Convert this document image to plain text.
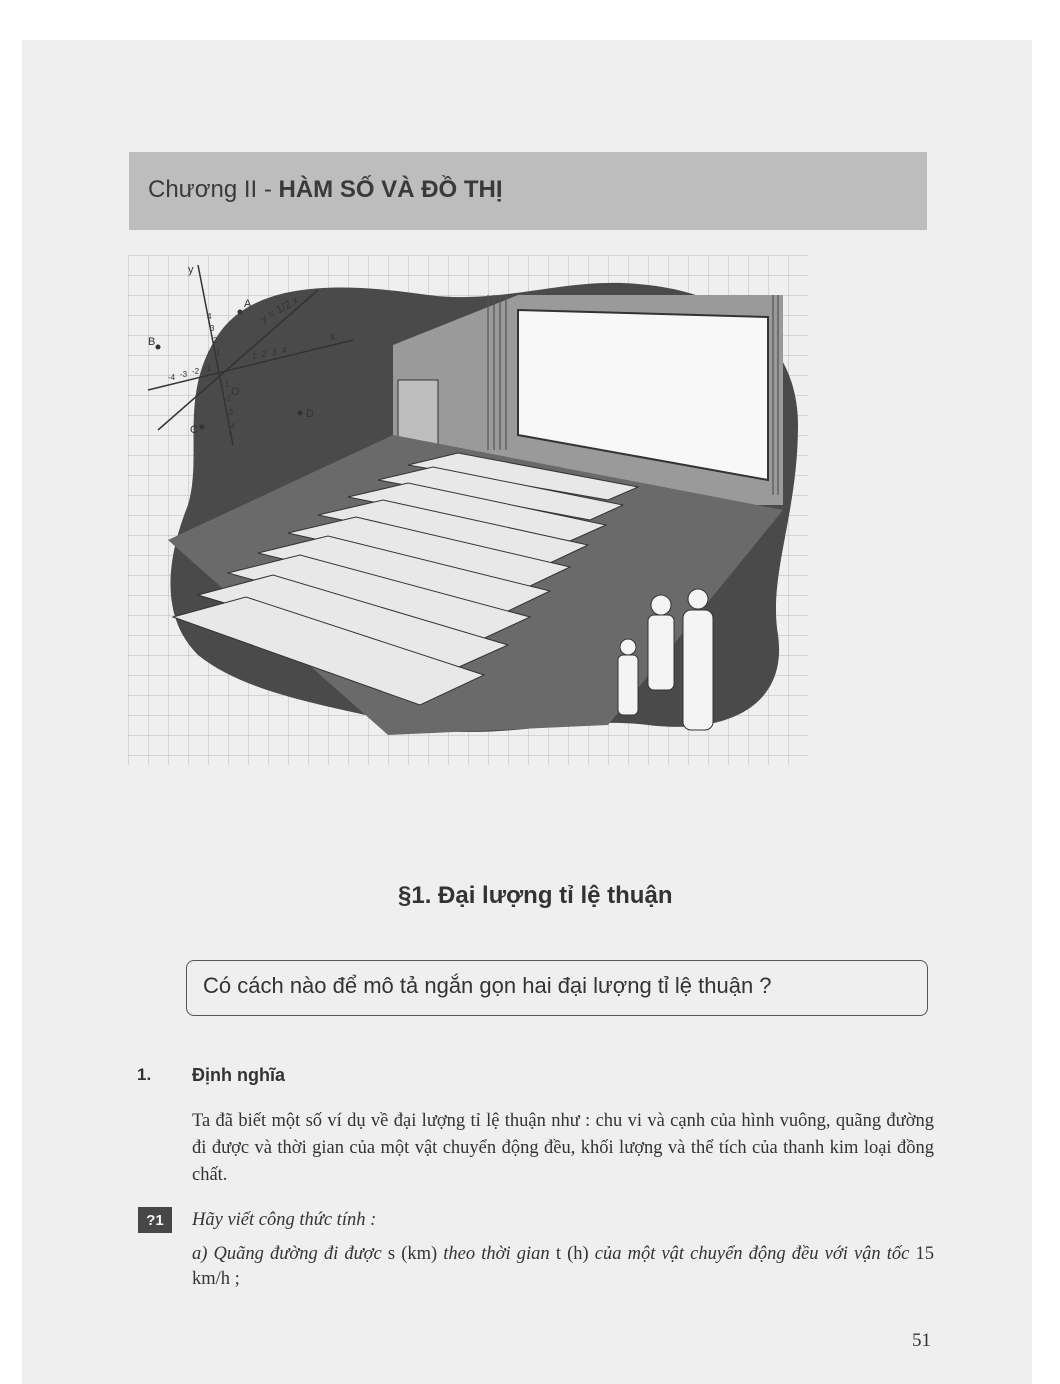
Chương II - HÀM SỐ VÀ ĐỒ THỊ
y
x
y = 1/2 x
O
A
B
C
D
1 2 3 4
-4 -3 -2 -1
1
2
3
4
-1
-2
-3
-4
§1. Đại lượng tỉ lệ thuận
Có cách nào để mô tả ngắn gọn hai đại lượng tỉ lệ thuận ?
1. Định nghĩa
Ta đã biết một số ví dụ về đại lượng tỉ lệ thuận như : chu vi và cạnh của hình vuông, quãng đường đi được và thời gian của một vật chuyển động đều, khối lượng và thể tích của thanh kim loại đồng chất.
?1	Hãy viết công thức tính :
a) Quãng đường đi được s (km) theo thời gian t (h) của một vật chuyển động đều với vận tốc 15 km/h ;
51
